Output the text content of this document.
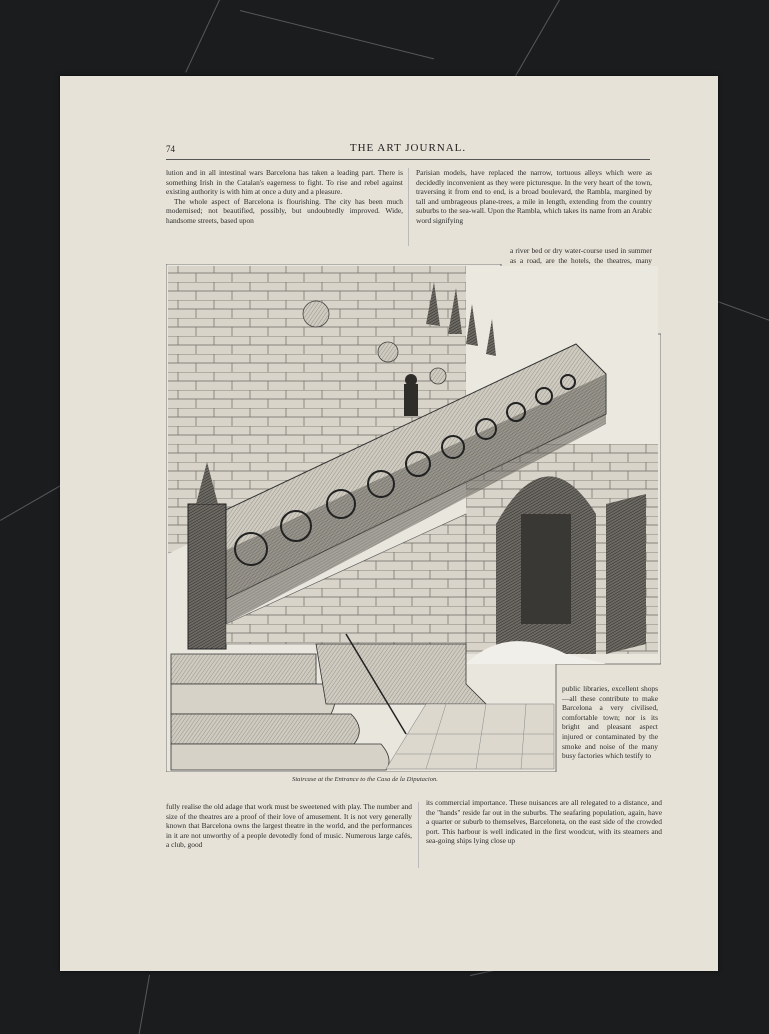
74	THE ART JOURNAL.

lution and in all intestinal wars Barcelona has taken a leading part. There is something Irish in the Catalan's eagerness to fight. To rise and rebel against existing authority is with him at once a duty and a pleasure.

The whole aspect of Barcelona is flourishing. The city has been much modernised; not beautified, possibly, but undoubtedly improved. Wide, handsome streets, based upon

Parisian models, have replaced the narrow, tortuous alleys which were as decidedly inconvenient as they were picturesque. In the very heart of the town, traversing it from end to end, is a broad boulevard, the Rambla, margined by tall and umbrageous plane-trees, a mile in length, extending from the country suburbs to the sea-wall. Upon the Rambla, which takes its name from an Arabic word signifying

a river bed or dry water-course used in summer as a road, are the hotels, the theatres, many

public libraries, excellent shops—all these contribute to make Barcelona a very civilised, comfortable town; nor is its bright and pleasant aspect injured or contaminated by the smoke and noise of the many busy factories which testify to

Staircase at the Entrance to the Casa de la Diputacion.

fully realise the old adage that work must be sweetened with play. The number and size of the theatres are a proof of their love of amusement. It is not very generally known that Barcelona owns the largest theatre in the world, and the performances in it are not unworthy of a people devotedly fond of music. Numerous large cafés, a club, good

its commercial importance. These nuisances are all relegated to a distance, and the "hands" reside far out in the suburbs. The seafaring population, again, have a quarter or suburb to themselves, Barceloneta, on the east side of the crowded port. This harbour is well indicated in the first woodcut, with its steamers and sea-going ships lying close up
